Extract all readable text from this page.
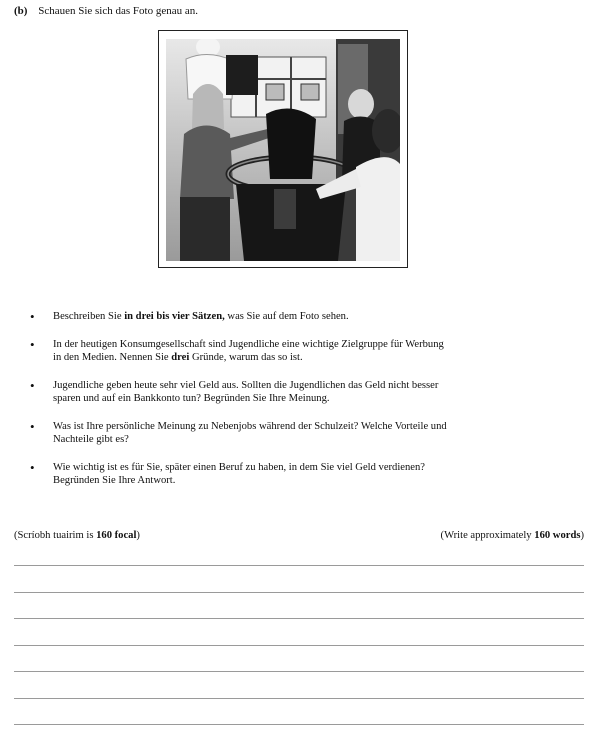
(b) Schauen Sie sich das Foto genau an.
• Beschreiben Sie in drei bis vier Sätzen, was Sie auf dem Foto sehen.
• In der heutigen Konsumgesellschaft sind Jugendliche eine wichtige Zielgruppe für Werbung in den Medien. Nennen Sie drei Gründe, warum das so ist.
• Jugendliche geben heute sehr viel Geld aus. Sollten die Jugendlichen das Geld nicht besser sparen und auf ein Bankkonto tun? Begründen Sie Ihre Meinung.
• Was ist Ihre persönliche Meinung zu Nebenjobs während der Schulzeit? Welche Vorteile und Nachteile gibt es?
• Wie wichtig ist es für Sie, später einen Beruf zu haben, in dem Sie viel Geld verdienen? Begründen Sie Ihre Antwort.
(Scríobh tuairim is 160 focal)	(Write approximately 160 words)
